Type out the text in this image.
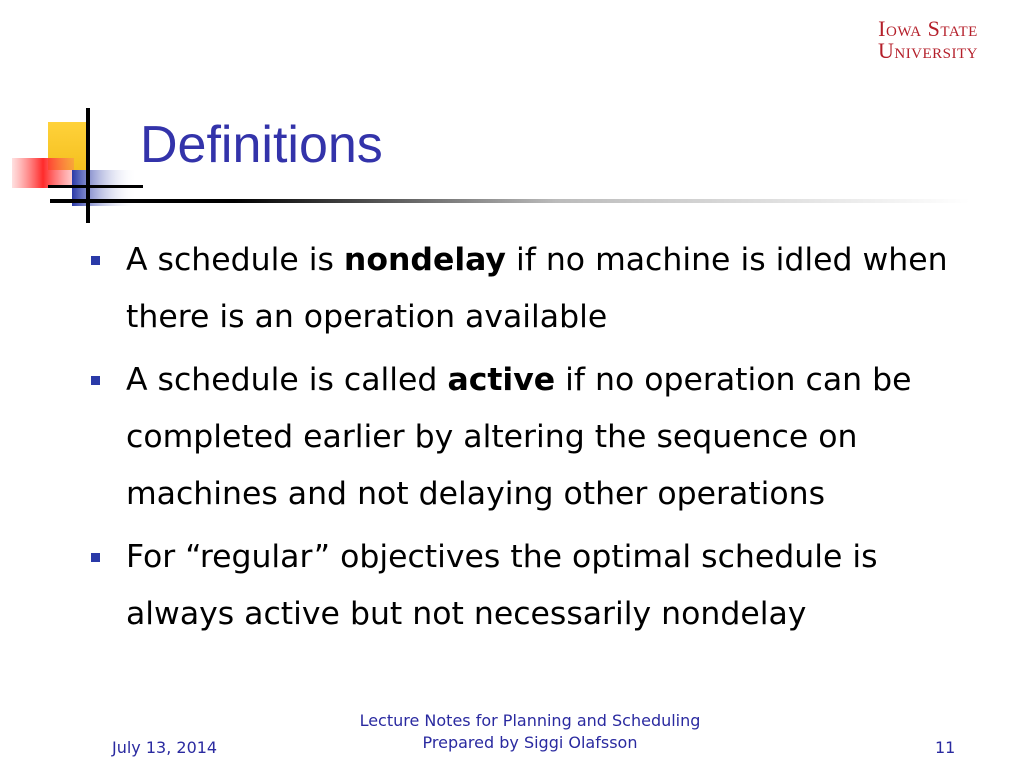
Iowa State
University
Definitions
A schedule is nondelay if no machine is idled when there is an operation available
A schedule is called active if no operation can be completed earlier by altering the sequence on machines and not delaying other operations
For “regular” objectives the optimal schedule is always active but not necessarily nondelay
July 13, 2014
Lecture Notes for Planning and Scheduling
Prepared by Siggi Olafsson	11
